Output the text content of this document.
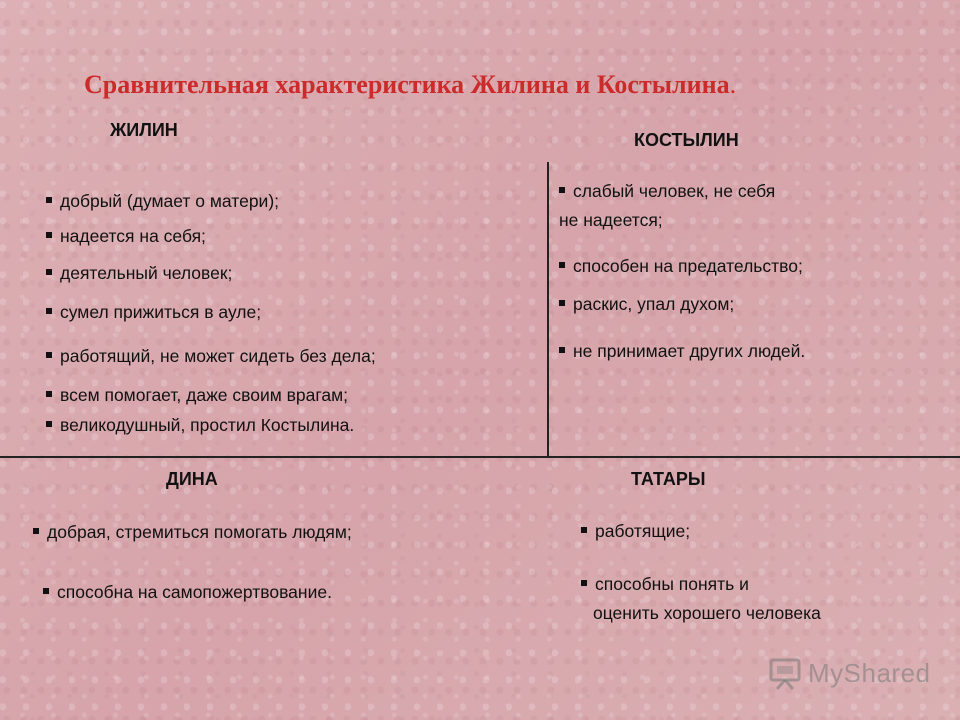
Сравнительная характеристика Жилина и Костылина.
ЖИЛИН	КОСТЫЛИН
добрый (думает о матери);
надеется на себя;
деятельный человек;
сумел прижиться в ауле;
работящий, не может сидеть без дела;
всем помогает, даже своим врагам;
великодушный, простил Костылина.
слабый человек, не себя
не надеется;
способен на предательство;
раскис, упал духом;
не принимает других людей.
ДИНА
добрая, стремиться помогать людям;
способна на самопожертвование.
ТАТАРЫ
работящие;
способны понять и
оценить хорошего человека
MyShared
